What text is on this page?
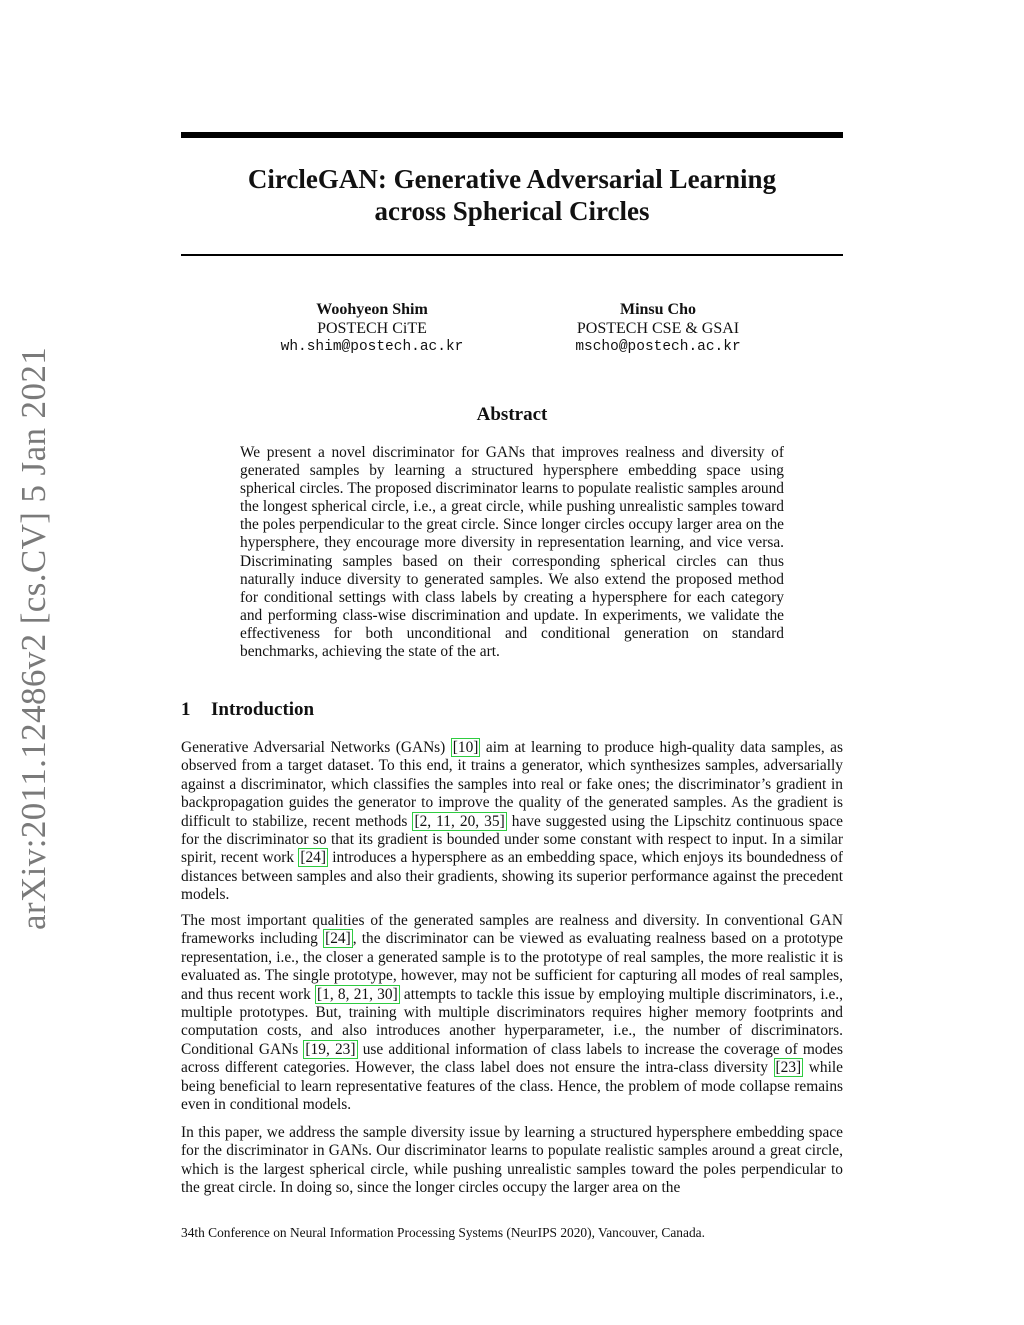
arXiv:2011.12486v2 [cs.CV] 5 Jan 2021
CircleGAN: Generative Adversarial Learning
across Spherical Circles
Woohyeon Shim
POSTECH CiTE
wh.shim@postech.ac.kr
Minsu Cho
POSTECH CSE & GSAI
mscho@postech.ac.kr
Abstract

We present a novel discriminator for GANs that improves realness and diversity of generated samples by learning a structured hypersphere embedding space using spherical circles. The proposed discriminator learns to populate realistic samples around the longest spherical circle, i.e., a great circle, while pushing unrealistic samples toward the poles perpendicular to the great circle. Since longer circles occupy larger area on the hypersphere, they encourage more diversity in representation learning, and vice versa. Discriminating samples based on their corresponding spherical circles can thus naturally induce diversity to generated samples. We also extend the proposed method for conditional settings with class labels by creating a hypersphere for each category and performing class-wise discrimination and update. In experiments, we validate the effectiveness for both unconditional and conditional generation on standard benchmarks, achieving the state of the art.

1 Introduction

Generative Adversarial Networks (GANs) [10] aim at learning to produce high-quality data samples, as observed from a target dataset. To this end, it trains a generator, which synthesizes samples, adversarially against a discriminator, which classifies the samples into real or fake ones; the discriminator’s gradient in backpropagation guides the generator to improve the quality of the generated samples. As the gradient is difficult to stabilize, recent methods [2, 11, 20, 35] have suggested using the Lipschitz continuous space for the discriminator so that its gradient is bounded under some constant with respect to input. In a similar spirit, recent work [24] introduces a hypersphere as an embedding space, which enjoys its boundedness of distances between samples and also their gradients, showing its superior performance against the precedent models.

The most important qualities of the generated samples are realness and diversity. In conventional GAN frameworks including [24] , the discriminator can be viewed as evaluating realness based on a prototype representation, i.e., the closer a generated sample is to the prototype of real samples, the more realistic it is evaluated as. The single prototype, however, may not be sufficient for capturing all modes of real samples, and thus recent work [1, 8, 21, 30] attempts to tackle this issue by employing multiple discriminators, i.e., multiple prototypes. But, training with multiple discriminators requires higher memory footprints and computation costs, and also introduces another hyperparameter, i.e., the number of discriminators. Conditional GANs [19, 23] use additional information of class labels to increase the coverage of modes across different categories. However, the class label does not ensure the intra-class diversity [23] while being beneficial to learn representative features of the class. Hence, the problem of mode collapse remains even in conditional models.

In this paper, we address the sample diversity issue by learning a structured hypersphere embedding space for the discriminator in GANs. Our discriminator learns to populate realistic samples around a great circle, which is the largest spherical circle, while pushing unrealistic samples toward the poles perpendicular to the great circle. In doing so, since the longer circles occupy the larger area on the

34th Conference on Neural Information Processing Systems (NeurIPS 2020), Vancouver, Canada.
